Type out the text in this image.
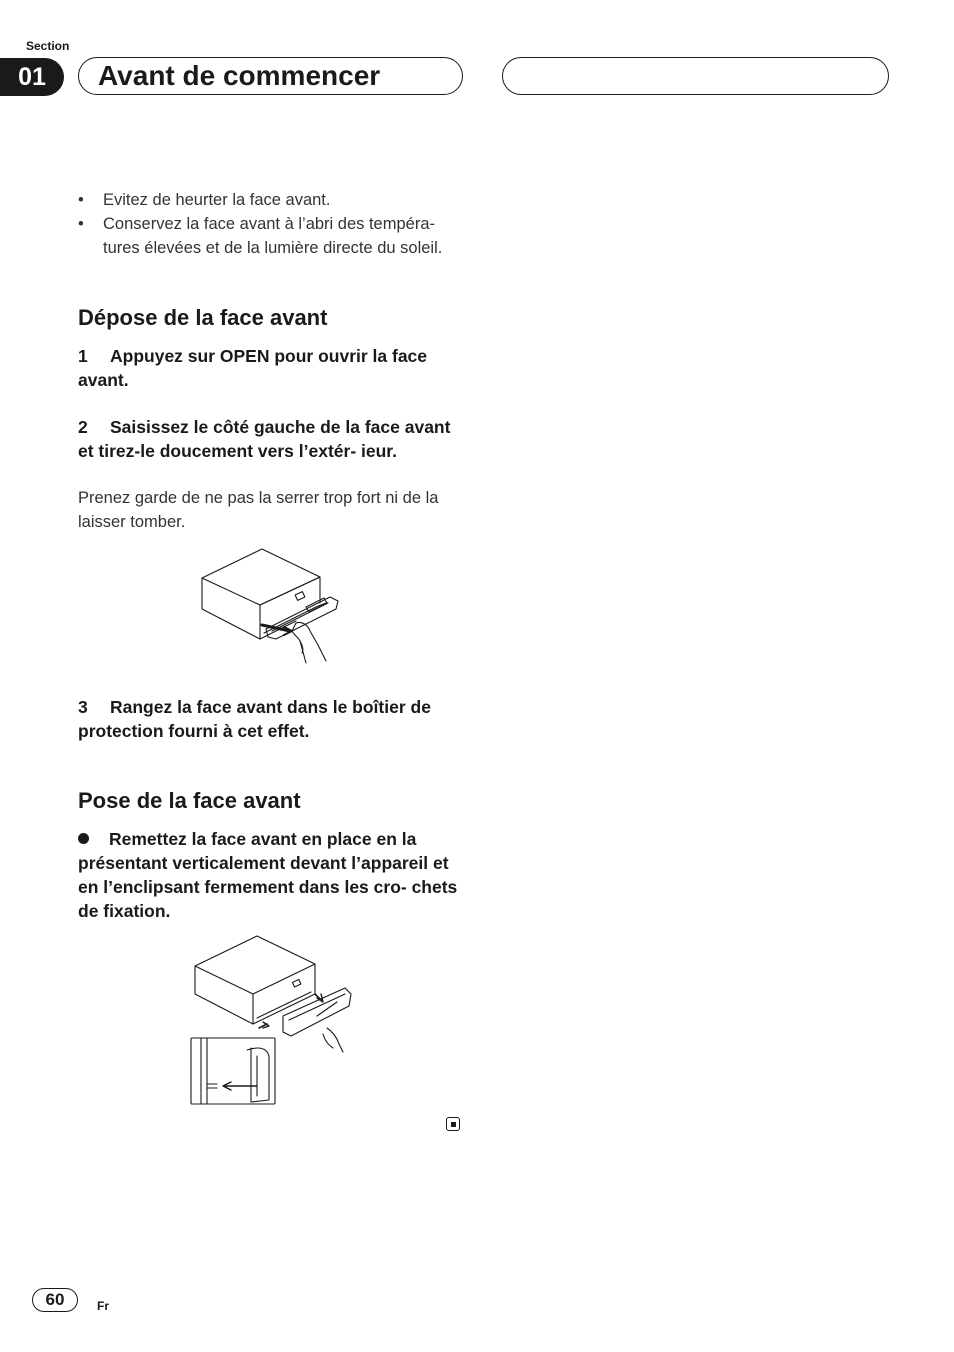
Section
01	Avant de commencer
• Evitez de heurter la face avant.
• Conservez la face avant à l’abri des tempéra- tures élevées et de la lumière directe du soleil.
Dépose de la face avant
1 Appuyez sur OPEN pour ouvrir la face avant.
2 Saisissez le côté gauche de la face avant et tirez-le doucement vers l’extér- ieur.
Prenez garde de ne pas la serrer trop fort ni de la laisser tomber.
3 Rangez la face avant dans le boîtier de protection fourni à cet effet.
Pose de la face avant
Remettez la face avant en place en la présentant verticalement devant l’appareil et en l’enclipsant fermement dans les cro- chets de fixation.
60	Fr
